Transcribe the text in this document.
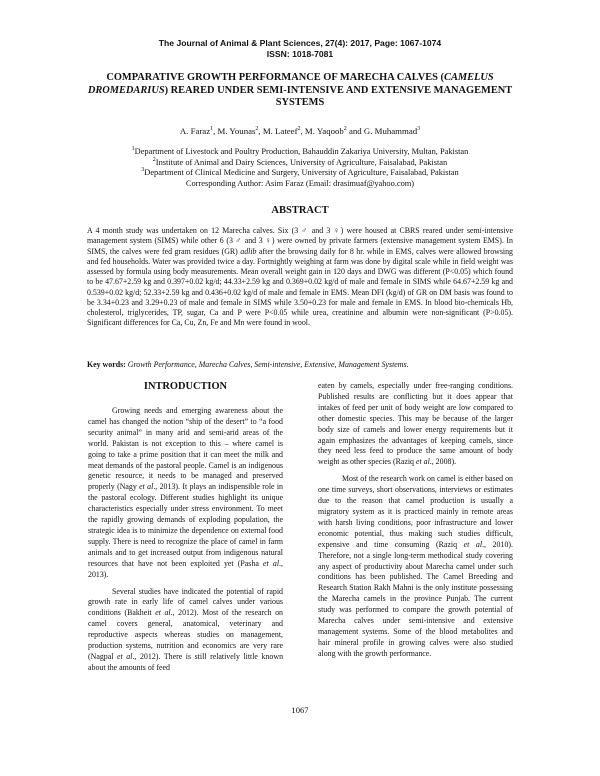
The Journal of Animal & Plant Sciences, 27(4): 2017, Page: 1067-1074
ISSN: 1018-7081
COMPARATIVE GROWTH PERFORMANCE OF MARECHA CALVES (CAMELUS DROMEDARIUS) REARED UNDER SEMI-INTENSIVE AND EXTENSIVE MANAGEMENT SYSTEMS
A. Faraz$^1$, M. Younas$^2$, M. Lateef$^2$, M. Yaqoob$^2$ and G. Muhammad$^3$
$^1$Department of Livestock and Poultry Production, Bahauddin Zakariya University, Multan, Pakistan
$^2$Institute of Animal and Dairy Sciences, University of Agriculture, Faisalabad, Pakistan
$^3$Department of Clinical Medicine and Surgery, University of Agriculture, Faisalabad, Pakistan
Corresponding Author: Asim Faraz (Email: drasimuaf@yahoo.com)
ABSTRACT
A 4 month study was undertaken on 12 Marecha calves. Six (3 ♂ and 3 ♀) were housed at CBRS reared under semi-intensive management system (SIMS) while other 6 (3 ♂ and 3 ♀) were owned by private farmers (extensive management system EMS). In SIMS, the calves were fed gram residues (GR) adlib after the browsing daily for 8 hr. while in EMS, calves were allowed browsing and fed households. Water was provided twice a day. Fortnightly weighing at farm was done by digital scale while in field weight was assessed by formula using body measurements. Mean overall weight gain in 120 days and DWG was different (P<0.05) which found to be 47.67+2.59 kg and 0.397+0.02 kg/d; 44.33+2.59 kg and 0.369+0.02 kg/d of male and female in SIMS while 64.67+2.59 kg and 0.539+0.02 kg/d; 52.33+2.59 kg and 0.436+0.02 kg/d of male and female in EMS. Mean DFI (kg/d) of GR on DM basis was found to be 3.34+0.23 and 3.29+0.23 of male and female in SIMS while 3.50+0.23 for male and female in EMS. In blood bio-chemicals Hb, cholesterol, triglycerides, TP, sugar, Ca and P were P<0.05 while urea, creatinine and albumin were non-significant (P>0.05). Significant differences for Ca, Cu, Zn, Fe and Mn were found in wool.
Key words: Growth Performance, Marecha Calves, Semi-intensive, Extensive, Management Systems.
INTRODUCTION

Growing needs and emerging awareness about the camel has changed the notion “ship of the desert” to “a food security animal” in many arid and semi-arid areas of the world. Pakistan is not exception to this – where camel is going to take a prime position that it can meet the milk and meat demands of the pastoral people. Camel is an indigenous genetic resource, it needs to be managed and preserved properly (Nagy et al., 2013). It plays an indispensible role in the pastoral ecology. Different studies highlight its unique characteristics especially under stress environment. To meet the rapidly growing demands of exploding population, the strategic idea is to minimize the dependence on external food supply. There is need to recognize the place of camel in farm animals and to get increased output from indigenous natural resources that have not been exploited yet (Pasha et al., 2013).

Several studies have indicated the potential of rapid growth rate in early life of camel calves under various conditions (Bakheit et al., 2012). Most of the research on camel covers general, anatomical, veterinary and reproductive aspects whereas studies on management, production systems, nutrition and economics are very rare (Nagpal et al., 2012). There is still relatively little known about the amounts of feed

eaten by camels, especially under free-ranging conditions. Published results are conflicting but it does appear that intakes of feed per unit of body weight are low compared to other domestic species. This may be because of the larger body size of camels and lower energy requirements but it again emphasizes the advantages of keeping camels, since they need less feed to produce the same amount of body weight as other species (Raziq et al., 2008).

Most of the research work on camel is either based on one time surveys, short observations, interviews or estimates due to the reason that camel production is usually a migratory system as it is practiced mainly in remote areas with harsh living conditions, poor infrastructure and lower economic potential, thus making such studies difficult, expensive and time consuming (Raziq et al., 2010). Therefore, not a single long-term methodical study covering any aspect of productivity about Marecha camel under such conditions has been published. The Camel Breeding and Research Station Rakh Mahni is the only institute possessing the Marecha camels in the province Punjab. The current study was performed to compare the growth potential of Marecha calves under semi-intensive and extensive management systems. Some of the blood metabolites and hair mineral profile in growing calves were also studied along with the growth performance.

1067
